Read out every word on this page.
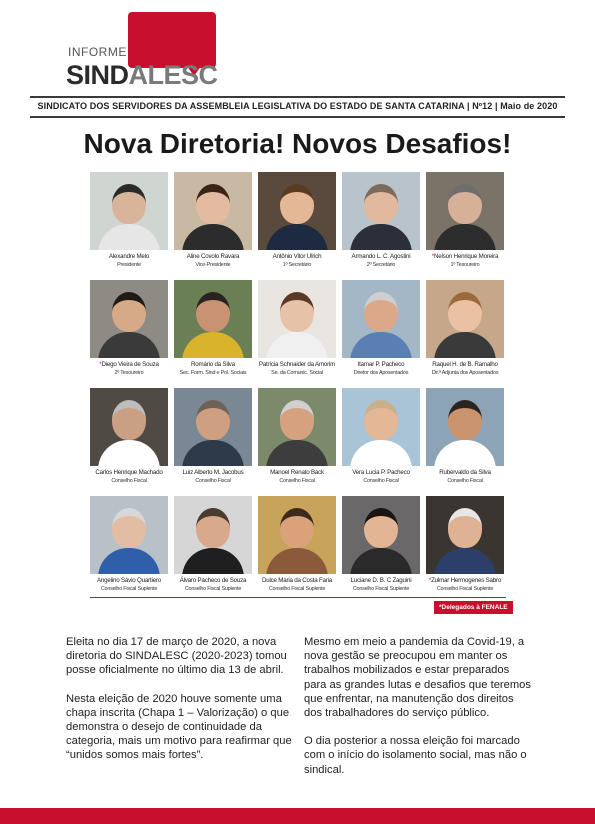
INFORME
SINDALESC
SINDICATO DOS SERVIDORES DA ASSEMBLEIA LEGISLATIVA DO ESTADO DE SANTA CATARINA | Nº12 | Maio de 2020
Nova Diretoria! Novos Desafios!
Alexandre Melo
Presidente
Aline Covolo Ravara
Vice-Presidente
Antônio Vitor Ulrich
1º Secretário
Armando L. C. Agostini
2º Secretário
*Nelson Henrique Moreira
1º Tesoureiro
*Diego Vieira de Souza
2º Tesoureiro
Romário da Silva
Sec. Form. Sind e Pol. Sociais
Patrícia Schnaider da Amorim
Se. da Comunic. Social
Itamar P. Pacheco
Diretor dos Aposentados
Raquel H. de B. Ramalho
Dir.ª Adjunta dos Aposentados
Carlos Henrique Machado
Conselho Fiscal
Luiz Alberto M. Jacobus
Conselho Fiscal
Manoel Renato Back
Conselho Fiscal
Vera Lucia P. Pacheco
Conselho Fiscal
Rubervaldo da Silva
Conselho Fiscal
Angelino Sávio Quartiero
Conselho Fiscal Suplente
Álvaro Pacheco de Souza
Conselho Fiscal Suplente
Dulce Maria da Costa Faria
Conselho Fiscal Suplente
Luciane D. B. C Zaguini
Conselho Fiscal Suplente
*Zulmar Hermogenes Sabro
Conselho Fiscal Suplente
*Delegados à FENALE

Eleita no dia 17 de março de 2020, a nova diretoria do SINDALESC (2020-2023) tomou posse oficialmente no último dia 13 de abril.

Nesta eleição de 2020 houve somente uma chapa inscrita (Chapa 1 – Valorização) o que demonstra o desejo de continuidade da categoria, mais um motivo para reafirmar que “unidos somos mais fortes”.

Mesmo em meio a pandemia da Covid-19, a nova gestão se preocupou em manter os trabalhos mobilizados e estar preparados para as grandes lutas e desafios que teremos que enfrentar, na manutenção dos direitos dos trabalhadores do serviço público.

O dia posterior a nossa eleição foi marcado com o início do isolamento social, mas não o sindical.
